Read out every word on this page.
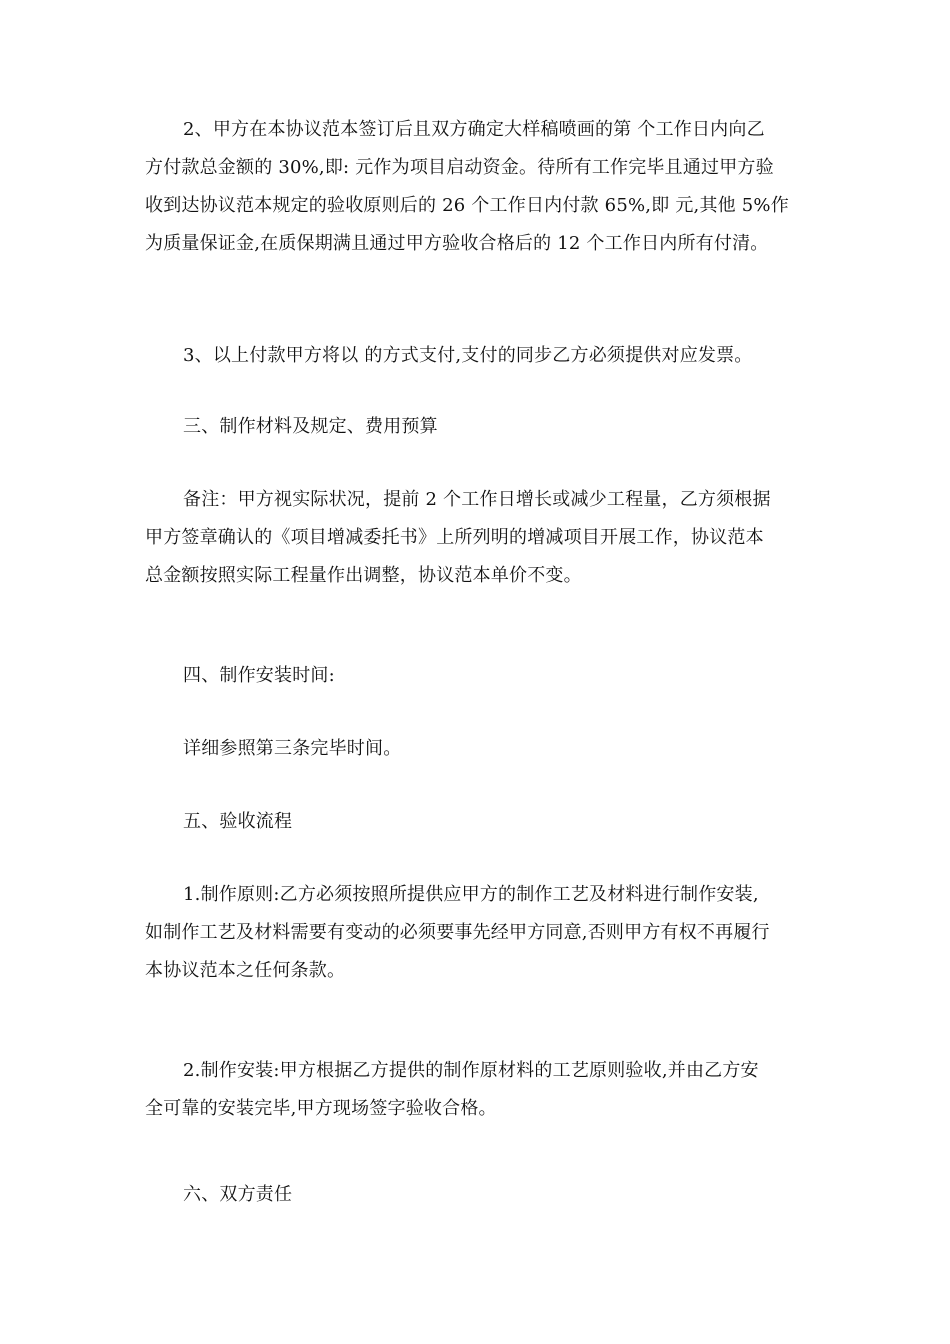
2、甲方在本协议范本签订后且双方确定大样稿喷画的第 个工作日内向乙
方付款总金额的 30%,即: 元作为项目启动资金。待所有工作完毕且通过甲方验
收到达协议范本规定的验收原则后的 26 个工作日内付款 65%,即 元,其他 5%作
为质量保证金,在质保期满且通过甲方验收合格后的 12 个工作日内所有付清。
3、以上付款甲方将以 的方式支付,支付的同步乙方必须提供对应发票。
三、制作材料及规定、费用预算
备注：甲方视实际状况，提前 2 个工作日增长或减少工程量，乙方须根据
甲方签章确认的《项目增减委托书》上所列明的增减项目开展工作，协议范本
总金额按照实际工程量作出调整，协议范本单价不变。
四、制作安装时间:
详细参照第三条完毕时间。
五、验收流程
1.制作原则:乙方必须按照所提供应甲方的制作工艺及材料进行制作安装,
如制作工艺及材料需要有变动的必须要事先经甲方同意,否则甲方有权不再履行
本协议范本之任何条款。
2.制作安装:甲方根据乙方提供的制作原材料的工艺原则验收,并由乙方安
全可靠的安装完毕,甲方现场签字验收合格。
六、双方责任
